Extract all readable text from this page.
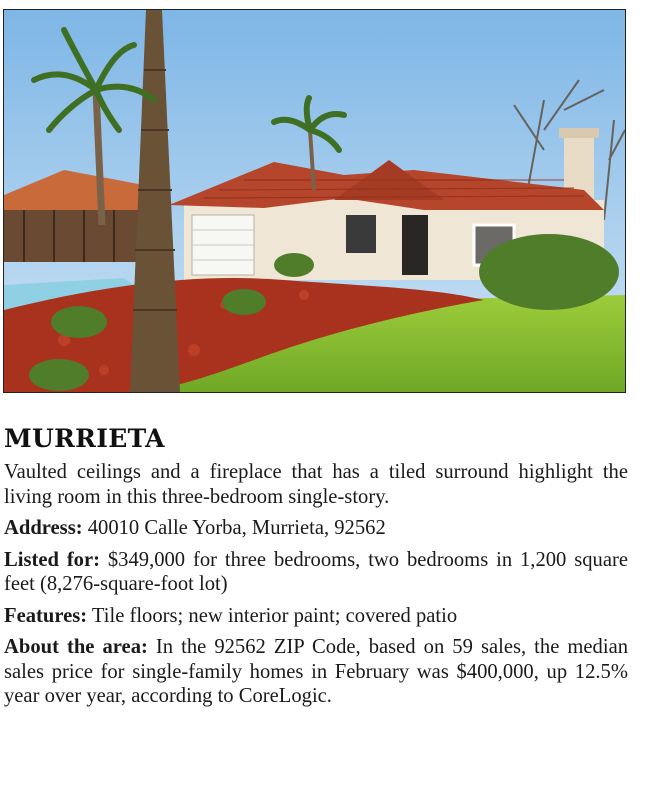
MURRIETA

Vaulted ceilings and a fireplace that has a tiled surround highlight the living room in this three-bedroom single-story.

Address: 40010 Calle Yorba, Murrieta, 92562

Listed for: $349,000 for three bedrooms, two bedrooms in 1,200 square feet (8,276-square-foot lot)

Features: Tile floors; new interior paint; covered patio

About the area: In the 92562 ZIP Code, based on 59 sales, the median sales price for single-family homes in February was $400,000, up 12.5% year over year, according to CoreLogic.
